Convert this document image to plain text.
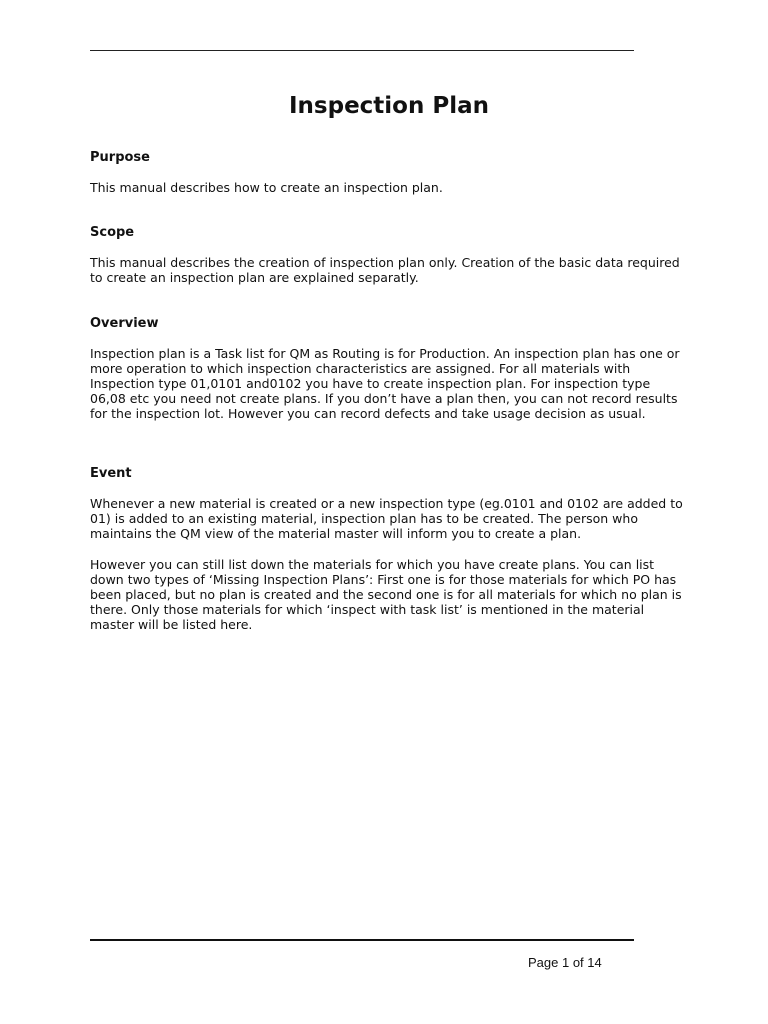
Inspection Plan
Purpose

This manual describes how to create an inspection plan.

Scope

This manual describes the creation of inspection plan only. Creation of the basic data required
to create an inspection plan are explained separatly.

Overview

Inspection plan is a Task list for QM as Routing is for Production. An inspection plan has one or
more operation to which inspection characteristics are assigned. For all materials with
Inspection type 01,0101 and0102 you have to create inspection plan. For inspection type
06,08 etc you need not create plans. If you don’t have a plan then, you can not record results
for the inspection lot. However you can record defects and take usage decision as usual.

Event

Whenever a new material is created or a new inspection type (eg.0101 and 0102 are added to
01) is added to an existing material, inspection plan has to be created. The person who
maintains the QM view of the material master will inform you to create a plan.

However you can still list down the materials for which you have create plans. You can list
down two types of ‘Missing Inspection Plans’: First one is for those materials for which PO has
been placed, but no plan is created and the second one is for all materials for which no plan is
there. Only those materials for which ‘inspect with task list’ is mentioned in the material
master will be listed here.

Page 1 of 14
